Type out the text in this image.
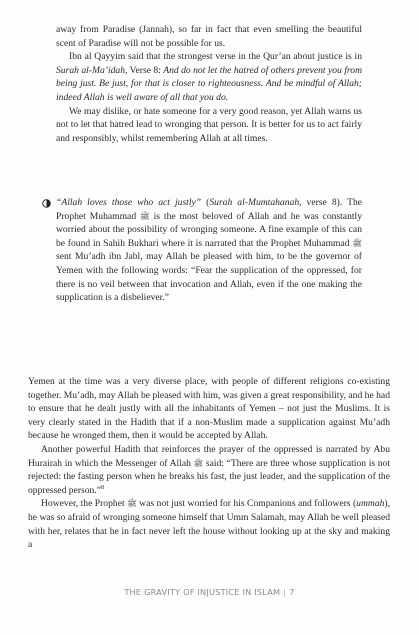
away from Paradise (Jannah), so far in fact that even smelling the beautiful scent of Paradise will not be possible for us.

Ibn al Qayyim said that the strongest verse in the Qur’an about justice is in Surah al-Ma’idah, Verse 8: And do not let the hatred of others prevent you from being just. Be just, for that is closer to righteousness. And be mindful of Allah; indeed Allah is well aware of all that you do.

We may dislike, or hate someone for a very good reason, yet Allah warns us not to let that hatred lead to wronging that person. It is better for us to act fairly and responsibly, whilst remembering Allah at all times.

“Allah loves those who act justly” (Surah al-Mumtahanah, verse 8). The Prophet Muhammad ﷺ is the most beloved of Allah and he was constantly worried about the possibility of wronging someone. A fine example of this can be found in Sahih Bukhari where it is narrated that the Prophet Muhammad ﷺ sent Mu’adh ibn Jabl, may Allah be pleased with him, to be the governor of Yemen with the following words: “Fear the supplication of the oppressed, for there is no veil between that invocation and Allah, even if the one making the supplication is a disbeliever.”

Yemen at the time was a very diverse place, with people of different religions co-existing together. Mu’adh, may Allah be pleased with him, was given a great responsibility, and he had to ensure that he dealt justly with all the inhabitants of Yemen – not just the Muslims. It is very clearly stated in the Hadith that if a non-Muslim made a supplication against Mu’adh because he wronged them, then it would be accepted by Allah.

Another powerful Hadith that reinforces the prayer of the oppressed is narrated by Abu Hurairah in which the Messenger of Allah ﷺ said: “There are three whose supplication is not rejected: the fasting person when he breaks his fast, the just leader, and the supplication of the oppressed person.”$^8$

However, the Prophet ﷺ was not just worried for his Companions and followers (ummah), he was so afraid of wronging someone himself that Umm Salamah, may Allah be well pleased with her, relates that he in fact never left the house without looking up at the sky and making a

THE GRAVITY OF INJUSTICE IN ISLAM | 7
